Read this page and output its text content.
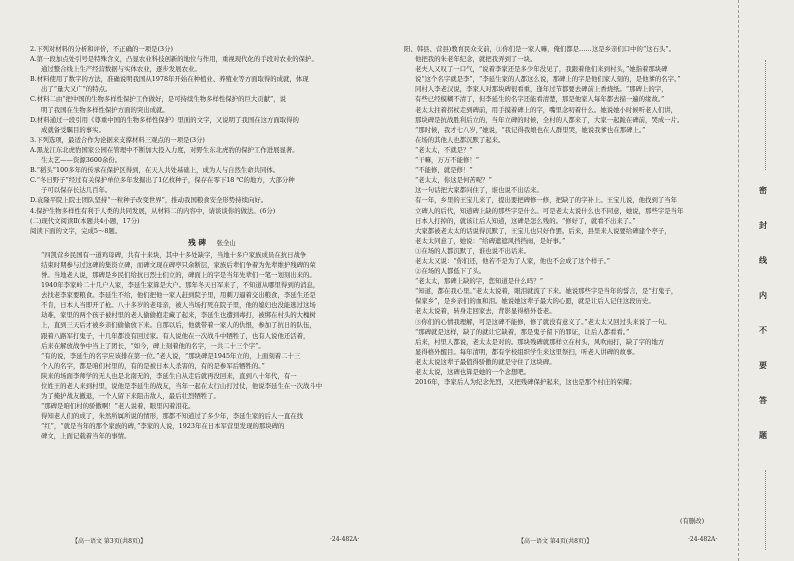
2.下列对材料的分析和评价，不正确的一项是(3分)

A.第一段加点处引号是特殊含义，凸显农业科技创新的地位与作用，重视现代化的手段对农业的保护。

通过整合线上生产经营数据与实体农业，逐步发展农业。

B.材料使用了数字的方法，准确说明我国从1978年开始在种植业、养殖业等方面取得的成就，体现

出了“量大又广”的特点。

C.材料二由“把中国的生物多样性保护工作做好，是可持续生物多样性保护的巨大贡献”，说

明了我国在生物多样性保护方面的突出成就。

D.材料通过一段引用《尊重中国的生物多样性保护》里面的文字，又说明了我国在这方面取得的

成就备受瞩目的事实。

3.下列选项，最适合作为论据来支撑材料三观点的一项是(3分)

A.黑龙江东北虎豹国家公园在管理中不断加大投入力度，对野生东北虎豹的保护工作进展显著。

生太艺——资源3600余份。

B.“稻头”100多年的传承在保护区得到，在天人共处基础上，成为人与自然生命共同体。

C.“冬日野子”经过有关保护单位多年发掘出了1亿枚种子，保存在零下18 ℃的地方，大部分种

子可以保存长达几百年。

D.袁隆平院上院士团队坚持“一粒种子改变世界”，推动我国粮食安全形势持续向好。

4.保护生物多样性有利于人类的共同发展，从材料二的内容中，请谈谈你的做法。(6分)

(二)现代文阅读Ⅱ(本题共4小题，17分)

阅读下面的文字，完成5～8题。

残 碑 张全山

“四凯营乡民国有一道鸡母碑，共有十来块，其中十多处缺字，当地十多户家族成员在抗日战争

结束时期参与过这碑的集资立碑，而碑文现在碑亭只余断层，家族后辈们争着为先辈维护残碑的荣

誉。当地老人说，那碑是乡民们给抗日烈士们立的，碑面上的字是当年先辈们一笔一划刻出来的。

1940年李家岭二十几户人家，李延生家算是大户。那年冬天日军来了，不知道从哪里得到的消息，

去找老李家要粮食。李延生不给，他们把他一家人赶到院子里，用刺刀逼着交出粮食，李延生还是

不肯，日本人当即开了枪。八十多岁的老母亲，被人当场打死在院子里，他的媳妇也没能逃过这场

劫难，家里的两个孩子被村里的老人偷偷抱走藏了起来，李延生也遭到毒打，被绑在村头的大槐树

上，直到三天后才被乡亲们偷偷放下来。自那以后，他就带着一家人的仇恨，参加了抗日的队伍，

跟着八路军打鬼子，十几年都没有回过家。有人说他在一次战斗中牺牲了，也有人说他还活着，

后来在解放战争中当上了团长，“如今，碑上刻着他的名字，一共二十三个字”。

“有的说，李延生的名字应该排在第一位。”老人说，“那块碑是1945年立的，上面刻着二十三

个人的名字，都是咱们村里的，有的是被日本人杀害的，有的是参军后牺牲的。”

陕来的场面李师学的无人也是北南无的，李延生自从走后就再没回来，直到八十年代，有一

位姓王的老人来到村里，说他是李延生的战友，当年一起在太行山打过仗，他说李延生在一次战斗中

为了掩护战友撤退，一个人留下来阻击敌人，最后壮烈牺牲了。

“那碑是咱们村的骄傲啊！”老人说着，眼里闪着泪花。

得知老人们的成了，朱然所属所说的情形，那都不知道过了多少年，李延生家的后人一直在找

“红”，“就是当年的那个家族的碑，”李家的人说，1923年在日本军营里发现的那块碑的

碑文，上面记载着当年的事情。

【高一语文 第3页(共8页)】	·24-482A·

阳、韩县、营县)教育民众支前，①你们是一家人嘛，俺们都是……这是乡亲们口中的“这石头”。

他把我的朱老年纪念，就把我弄到了一块。

老夫人又叹了一口气，“说着李家还是多少年没见了，我跟着他们来到村头，”她指着那块碑

说“这个名字就是李”，“李延生家的人都这么说，那碑上的字是他们家人刻的，是他爹的名字。”

同村人李老汉说，李家人对那块碑很看重，逢年过节都要去碑前上香烧纸。“那碑上的字，

有些已经模糊不清了，但李延生的名字还能看清楚，那是他家人每年都去描一遍的缘故。”

老太太拄着拐杖走到碑前，用手摸着碑上的字，嘴里念叨着什么。她说她小时候听老人们讲，

那块碑是抗战胜利后立的，当年立碑的时候，全村的人都来了，大家一起跪在碑前，哭成一片。

“那时候，我才七八岁，”她说，“我记得我娘也在人群里哭，她说我爹也在那碑上。”

在场的其他人也都沉默了起来。

“老太太，不就是？”

“干嘛，万万不能修！”

“不能修，就是修！”

“老太太，你这是何苦呢？”

这一句话把大家都问住了，谁也说不出话来。

有一年，乡里的王宝儿来了，提出要把碑修一修，把缺了的字补上。王宝儿说，他找到了当年

立碑人的后代，知道碑上缺的那些字是什么。可是老太太说什么也不同意，她说，那些字是当年

日本人打掉的，就该让后人知道，这碑是怎么残的。“修好了，就看不出来了。”

大家都被老太太的话说得沉默了，王宝儿也只好作罢。后来，县里来人说要给碑建个亭子，

老太太同意了，她说：“给碑遮遮风挡挡雨，是好事。”

①在场的人都沉默了，谁也说不出话来。

老太太又说：“你们还，他若不是为了人家，他也不会成了这个样子。”

②在场的人都低下了头。

“老太太，那碑上缺的字，您知道是什么吗？”

“知道，都在我心里。”老太太说着，眼泪就流了下来。她说那些字是当年的誓言，是“打鬼子，

保家乡”，是乡亲们的血和泪。她说她这辈子最大的心愿，就是让后人记住这段历史。

老太太说着，转身走回家去，背影显得格外苍老。

③你们的心情我理解，可是这碑不能修，修了就没有意义了。”老太太又回过头来说了一句。

“那碑就是这样，缺了的就让它缺着，那是鬼子留下的罪证，让后人都看看。”

后来，村里人都说，老太太是对的。那块残碑就那样立在村头，风吹雨打，缺了字的地方

显得格外醒目。每年清明，都有学校组织学生来这里祭扫，听老人讲碑的故事。

老太太说这辈子最值得骄傲的就是守住了这块碑。

老太太说，这碑也算是她的一个念想吧。

2016年，李家后人为纪念先烈，又把残碑保护起来，这也是那个村庄的荣耀；

【高一语文 第4页(共8页)】	·24-482A·
(有删改)
密
封
线
内
不
要
答
题
